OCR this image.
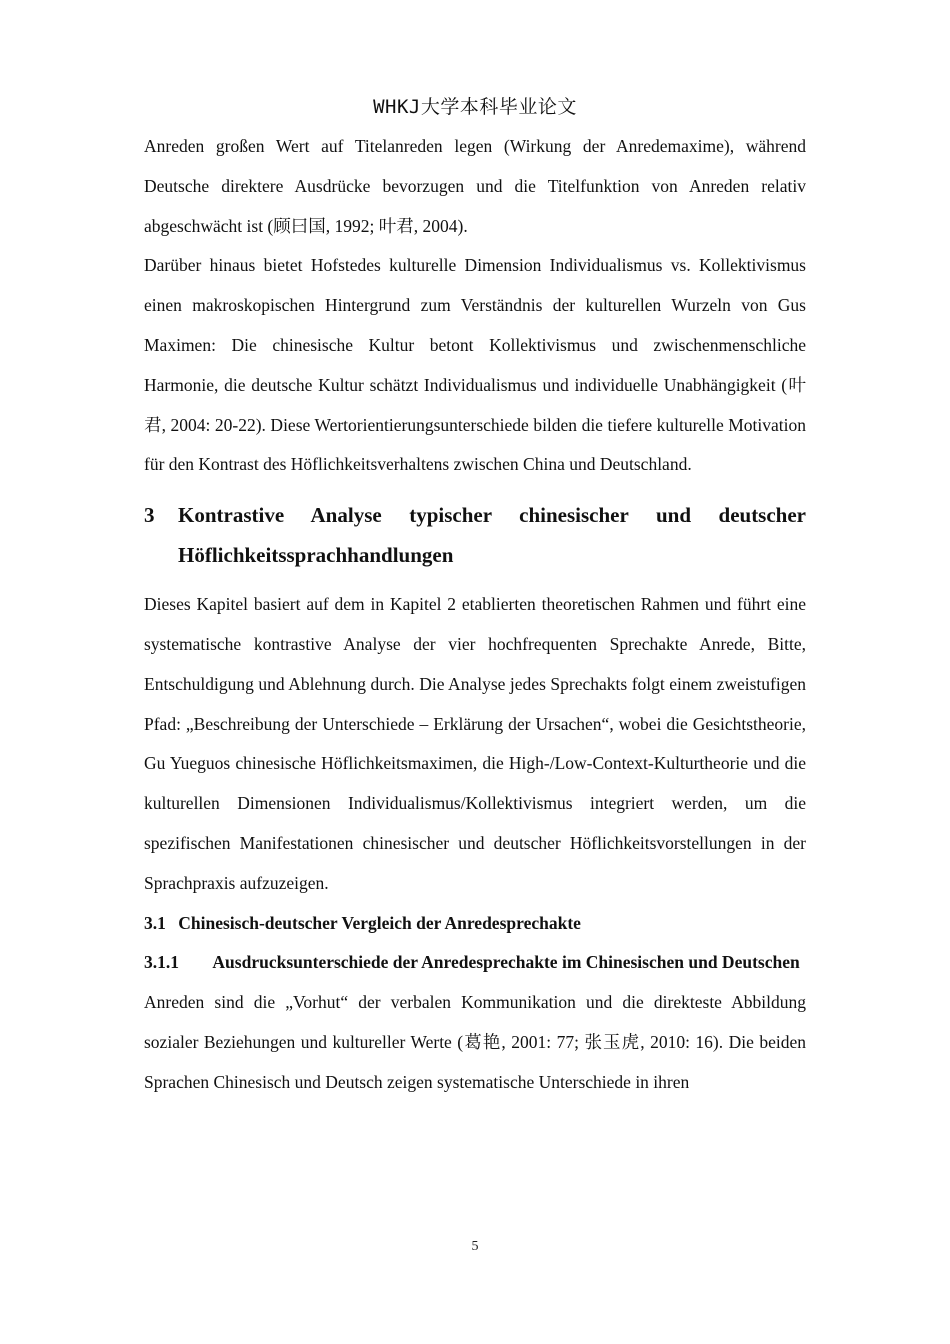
WHKJ大学本科毕业论文

Anreden großen Wert auf Titelanreden legen (Wirkung der Anredemaxime), während Deutsche direktere Ausdrücke bevorzugen und die Titelfunktion von Anreden relativ abgeschwächt ist (顾曰国, 1992; 叶君, 2004).

Darüber hinaus bietet Hofstedes kulturelle Dimension Individualismus vs. Kollektivismus einen makroskopischen Hintergrund zum Verständnis der kulturellen Wurzeln von Gus Maximen: Die chinesische Kultur betont Kollektivismus und zwischenmenschliche Harmonie, die deutsche Kultur schätzt Individualismus und individuelle Unabhängigkeit (叶君, 2004: 20-22). Diese Wertorientierungsunterschiede bilden die tiefere kulturelle Motivation für den Kontrast des Höflichkeitsverhaltens zwischen China und Deutschland.

3 Kontrastive Analyse typischer chinesischer und deutscher Höflichkeitssprachhandlungen

Dieses Kapitel basiert auf dem in Kapitel 2 etablierten theoretischen Rahmen und führt eine systematische kontrastive Analyse der vier hochfrequenten Sprechakte Anrede, Bitte, Entschuldigung und Ablehnung durch. Die Analyse jedes Sprechakts folgt einem zweistufigen Pfad: „Beschreibung der Unterschiede – Erklärung der Ursachen“, wobei die Gesichtstheorie, Gu Yueguos chinesische Höflichkeitsmaximen, die High-/Low-Context-Kulturtheorie und die kulturellen Dimensionen Individualismus/Kollektivismus integriert werden, um die spezifischen Manifestationen chinesischer und deutscher Höflichkeitsvorstellungen in der Sprachpraxis aufzuzeigen.

3.1 Chinesisch-deutscher Vergleich der Anredesprechakte
3.1.1 Ausdrucksunterschiede der Anredesprechakte im Chinesischen und Deutschen

Anreden sind die „Vorhut“ der verbalen Kommunikation und die direkteste Abbildung sozialer Beziehungen und kultureller Werte (葛艳, 2001: 77; 张玉虎, 2010: 16). Die beiden Sprachen Chinesisch und Deutsch zeigen systematische Unterschiede in ihren

5
